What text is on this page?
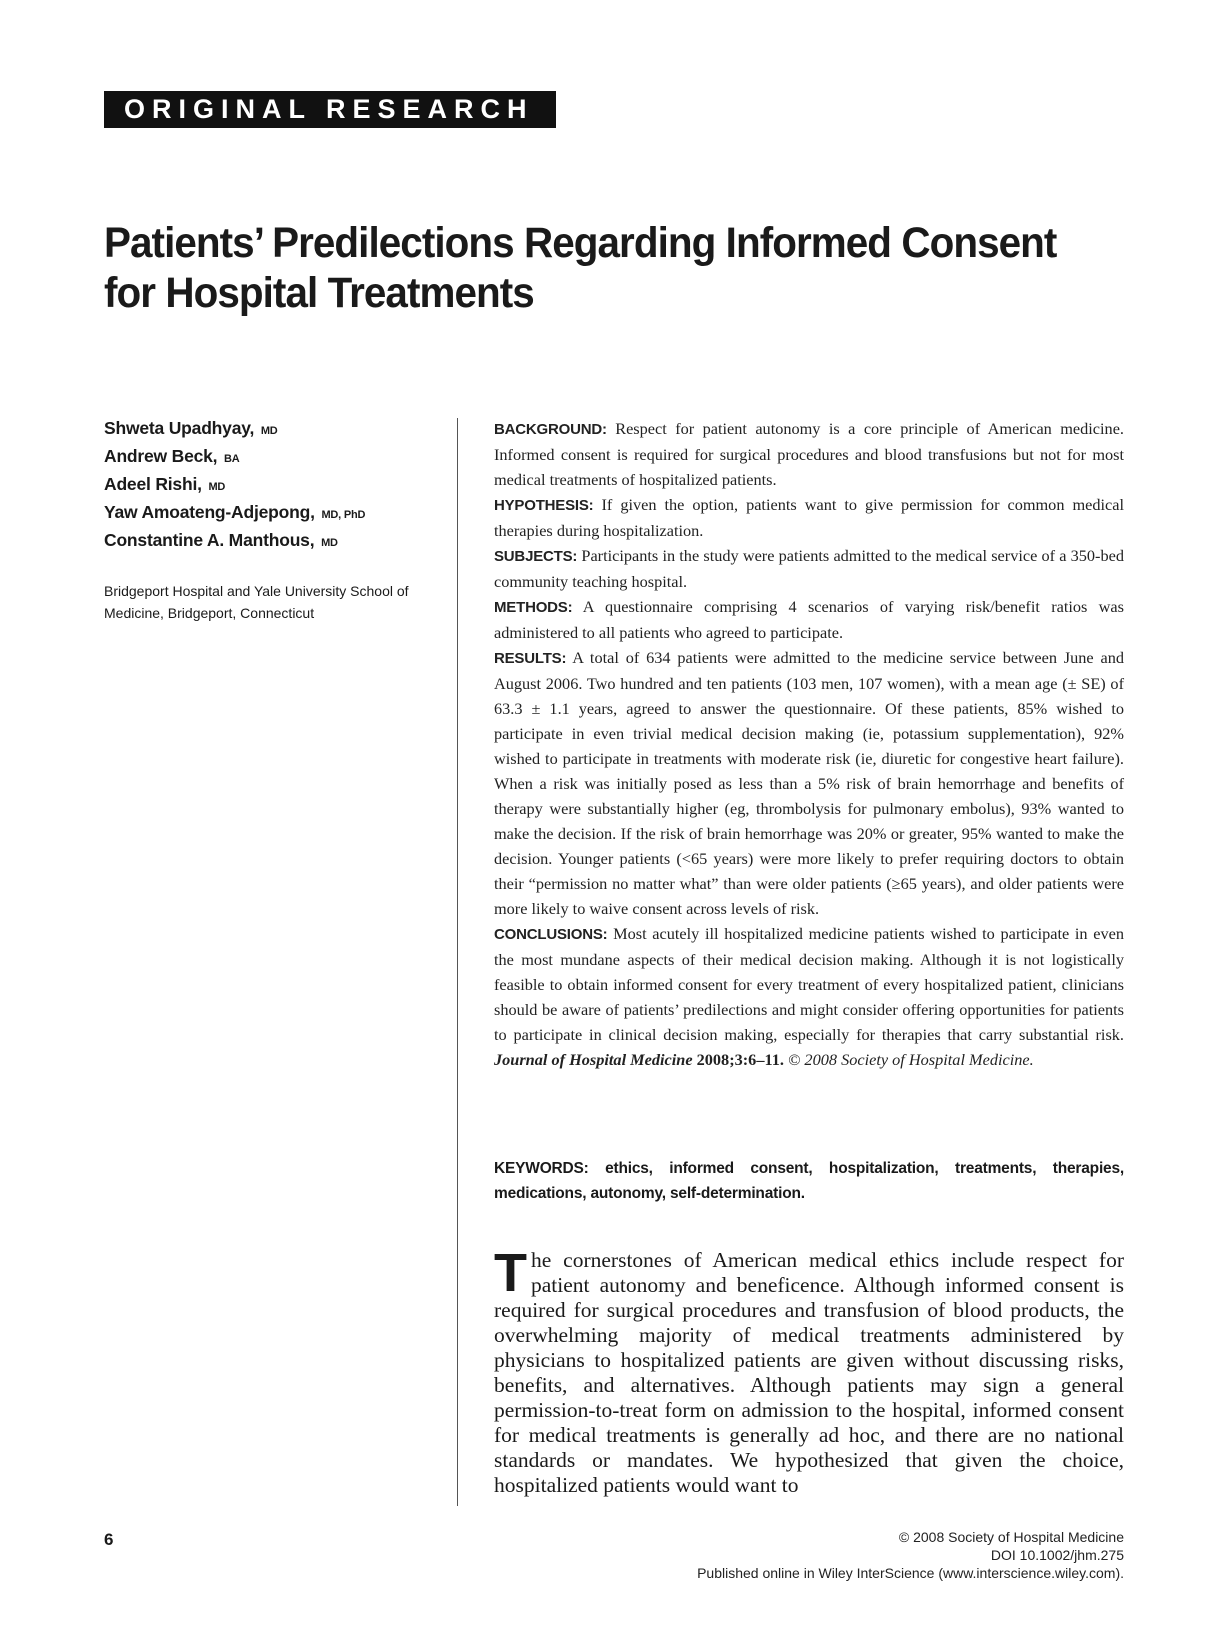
ORIGINAL RESEARCH
Patients’ Predilections Regarding Informed Consent for Hospital Treatments
Shweta Upadhyay, MD
Andrew Beck, BA
Adeel Rishi, MD
Yaw Amoateng-Adjepong, MD, PhD
Constantine A. Manthous, MD
Bridgeport Hospital and Yale University School of Medicine, Bridgeport, Connecticut

BACKGROUND: Respect for patient autonomy is a core principle of American medicine. Informed consent is required for surgical procedures and blood transfusions but not for most medical treatments of hospitalized patients.

HYPOTHESIS: If given the option, patients want to give permission for common medical therapies during hospitalization.

SUBJECTS: Participants in the study were patients admitted to the medical service of a 350-bed community teaching hospital.

METHODS: A questionnaire comprising 4 scenarios of varying risk/benefit ratios was administered to all patients who agreed to participate.

RESULTS: A total of 634 patients were admitted to the medicine service between June and August 2006. Two hundred and ten patients (103 men, 107 women), with a mean age (± SE) of 63.3 ± 1.1 years, agreed to answer the questionnaire. Of these patients, 85% wished to participate in even trivial medical decision making (ie, potassium supplementation), 92% wished to participate in treatments with moderate risk (ie, diuretic for congestive heart failure). When a risk was initially posed as less than a 5% risk of brain hemorrhage and benefits of therapy were substantially higher (eg, thrombolysis for pulmonary embolus), 93% wanted to make the decision. If the risk of brain hemorrhage was 20% or greater, 95% wanted to make the decision. Younger patients (<65 years) were more likely to prefer requiring doctors to obtain their “permission no matter what” than were older patients (≥65 years), and older patients were more likely to waive consent across levels of risk.

CONCLUSIONS: Most acutely ill hospitalized medicine patients wished to participate in even the most mundane aspects of their medical decision making. Although it is not logistically feasible to obtain informed consent for every treatment of every hospitalized patient, clinicians should be aware of patients’ predilections and might consider offering opportunities for patients to participate in clinical decision making, especially for therapies that carry substantial risk. Journal of Hospital Medicine 2008;3:6–11. © 2008 Society of Hospital Medicine.

KEYWORDS: ethics, informed consent, hospitalization, treatments, therapies, medications, autonomy, self-determination.
The cornerstones of American medical ethics include respect for patient autonomy and beneficence. Although informed consent is required for surgical procedures and transfusion of blood products, the overwhelming majority of medical treatments administered by physicians to hospitalized patients are given without discussing risks, benefits, and alternatives. Although patients may sign a general permission-to-treat form on admission to the hospital, informed consent for medical treatments is generally ad hoc, and there are no national standards or mandates. We hypothesized that given the choice, hospitalized patients would want to
6	© 2008 Society of Hospital Medicine
DOI 10.1002/jhm.275
Published online in Wiley InterScience (www.interscience.wiley.com).
